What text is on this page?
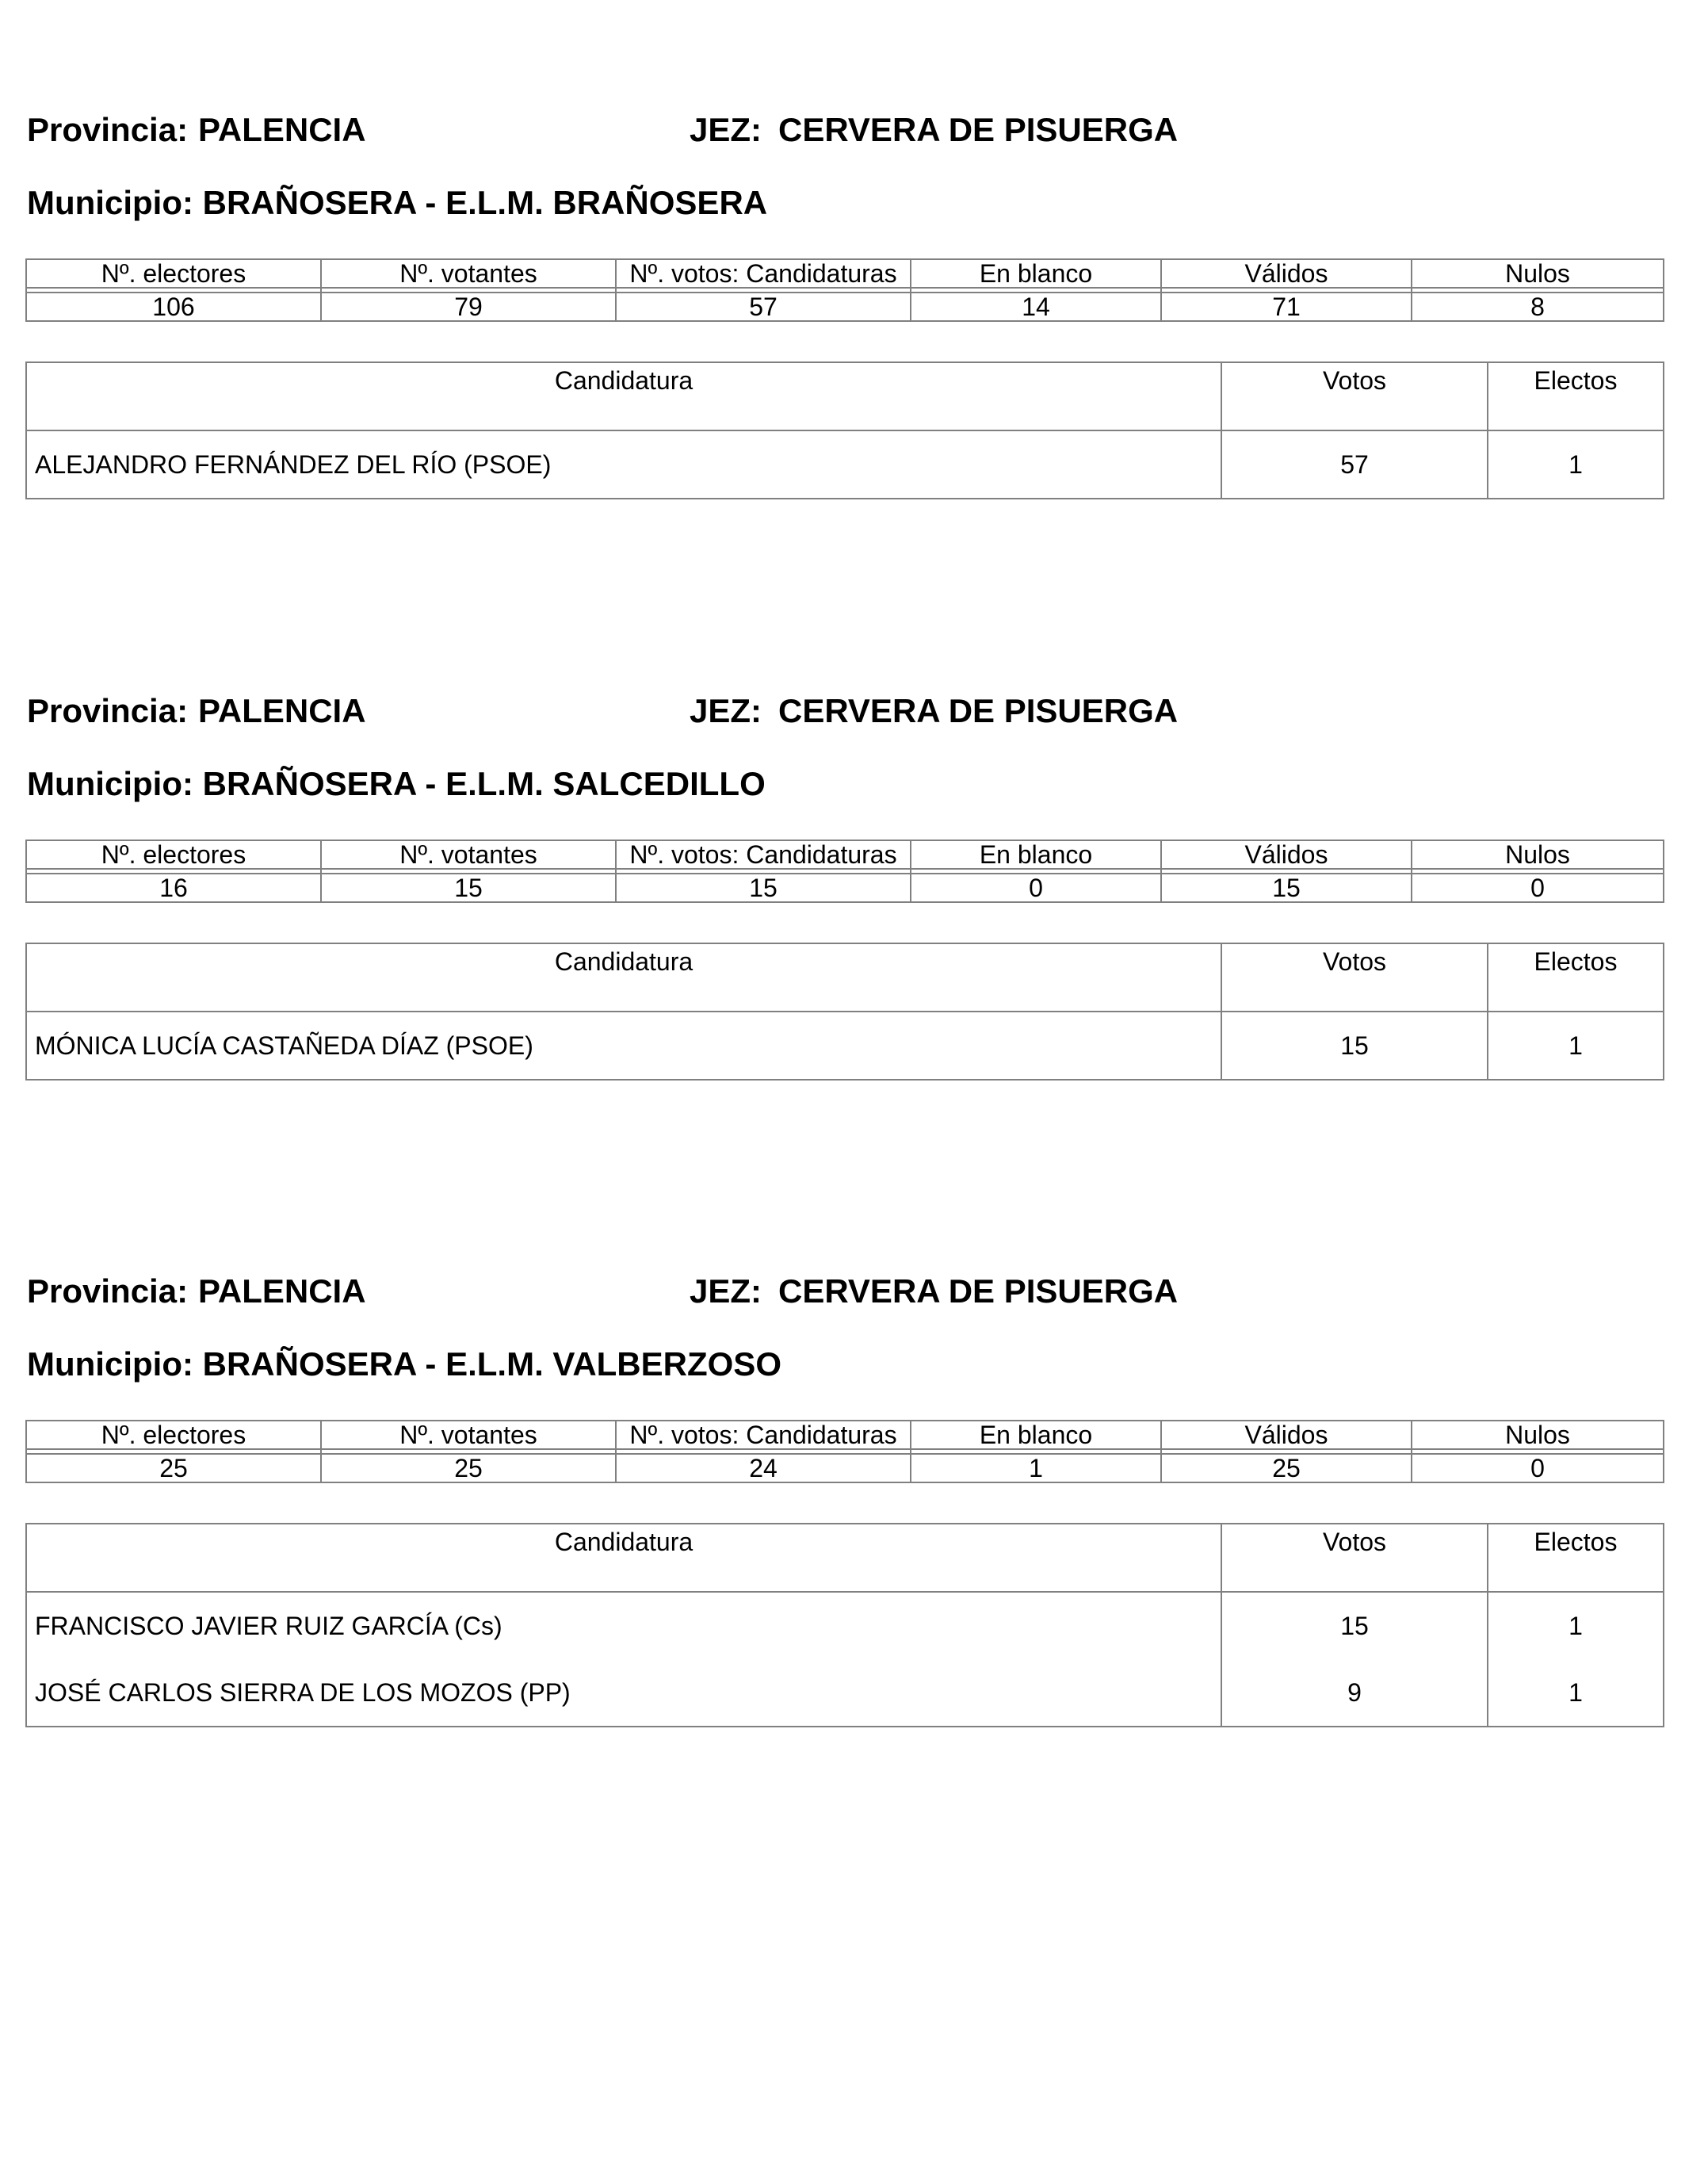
Provincia: PALENCIA	JEZ: CERVERA DE PISUERGA
Municipio: BRAÑOSERA - E.L.M. BRAÑOSERA
Nº. electores	Nº. votantes	Nº. votos: Candidaturas	En blanco	Válidos	Nulos

106	79	57	14	71	8
Candidatura	Votos	Electos
ALEJANDRO FERNÁNDEZ DEL RÍO (PSOE)	57	1
Provincia: PALENCIA	JEZ: CERVERA DE PISUERGA
Municipio: BRAÑOSERA - E.L.M. SALCEDILLO
Nº. electores	Nº. votantes	Nº. votos: Candidaturas	En blanco	Válidos	Nulos

16	15	15	0	15	0
Candidatura	Votos	Electos
MÓNICA LUCÍA CASTAÑEDA DÍAZ (PSOE)	15	1
Provincia: PALENCIA	JEZ: CERVERA DE PISUERGA
Municipio: BRAÑOSERA - E.L.M. VALBERZOSO
Nº. electores	Nº. votantes	Nº. votos: Candidaturas	En blanco	Válidos	Nulos

25	25	24	1	25	0
Candidatura	Votos	Electos
FRANCISCO JAVIER RUIZ GARCÍA (Cs)	15	1
JOSÉ CARLOS SIERRA DE LOS MOZOS (PP)	9	1
